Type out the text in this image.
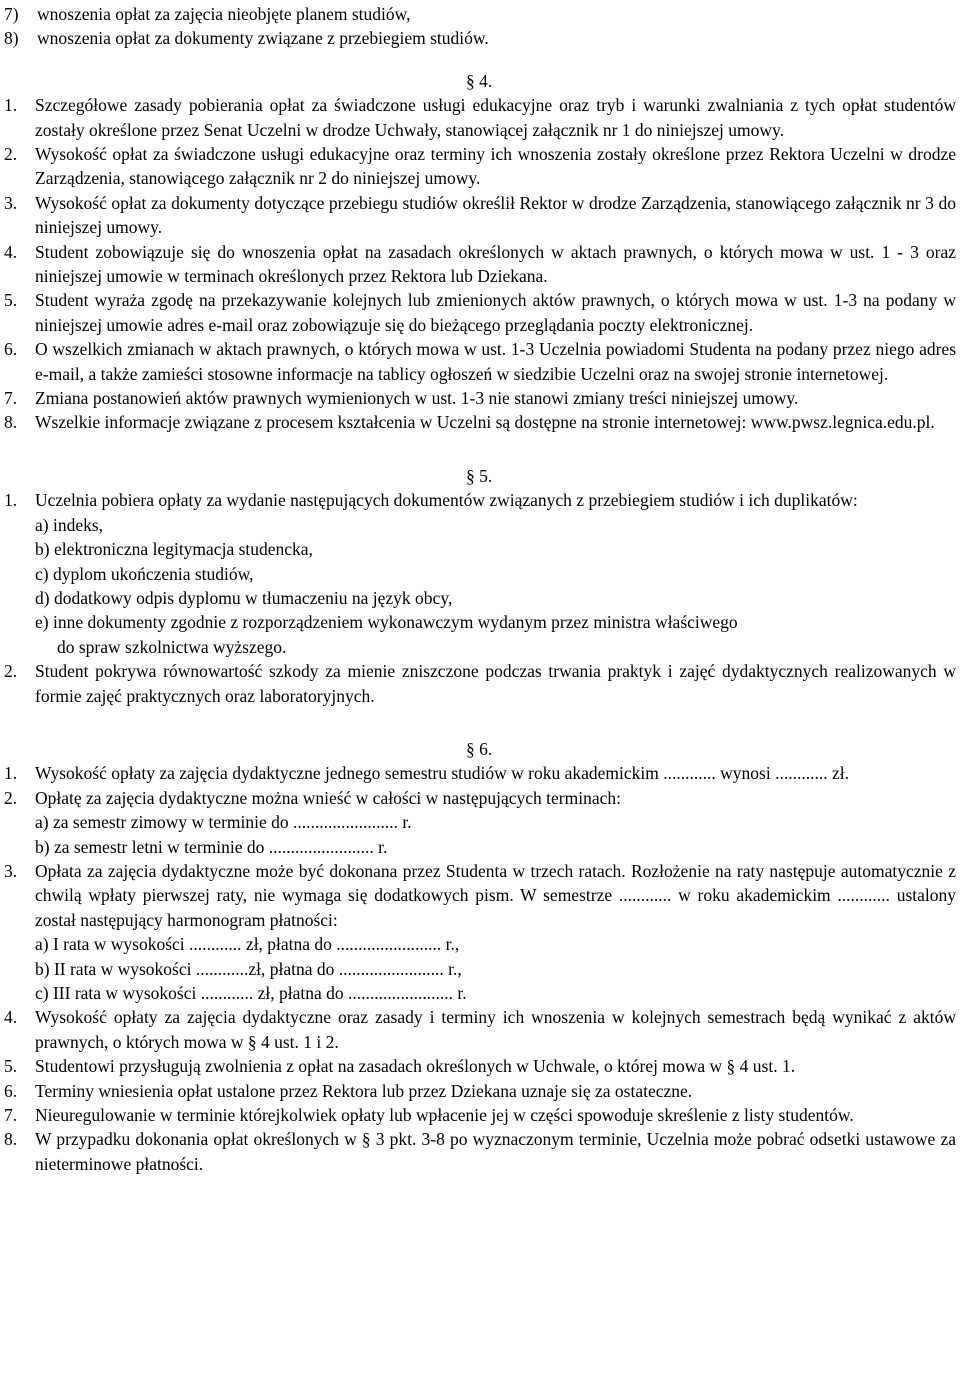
7) wnoszenia opłat za zajęcia nieobjęte planem studiów,
8) wnoszenia opłat za dokumenty związane z przebiegiem studiów.
§ 4.
1. Szczegółowe zasady pobierania opłat za świadczone usługi edukacyjne oraz tryb i warunki zwalniania z tych opłat studentów zostały określone przez Senat Uczelni w drodze Uchwały, stanowiącej załącznik nr 1 do niniejszej umowy.
2. Wysokość opłat za świadczone usługi edukacyjne oraz terminy ich wnoszenia zostały określone przez Rektora Uczelni w drodze Zarządzenia, stanowiącego załącznik nr 2 do niniejszej umowy.
3. Wysokość opłat za dokumenty dotyczące przebiegu studiów określił Rektor w drodze Zarządzenia, stanowiącego załącznik nr 3 do niniejszej umowy.
4. Student zobowiązuje się do wnoszenia opłat na zasadach określonych w aktach prawnych, o których mowa w ust. 1 - 3 oraz niniejszej umowie w terminach określonych przez Rektora lub Dziekana.
5. Student wyraża zgodę na przekazywanie kolejnych lub zmienionych aktów prawnych, o których mowa w ust. 1-3 na podany w niniejszej umowie adres e-mail oraz zobowiązuje się do bieżącego przeglądania poczty elektronicznej.
6. O wszelkich zmianach w aktach prawnych, o których mowa w ust. 1-3 Uczelnia powiadomi Studenta na podany przez niego adres e-mail, a także zamieści stosowne informacje na tablicy ogłoszeń w siedzibie Uczelni oraz na swojej stronie internetowej.
7. Zmiana postanowień aktów prawnych wymienionych w ust. 1-3 nie stanowi zmiany treści niniejszej umowy.
8. Wszelkie informacje związane z procesem kształcenia w Uczelni są dostępne na stronie internetowej: www.pwsz.legnica.edu.pl.
§ 5.
1. Uczelnia pobiera opłaty za wydanie następujących dokumentów związanych z przebiegiem studiów i ich duplikatów:
a) indeks,
b) elektroniczna legitymacja studencka,
c) dyplom ukończenia studiów,
d) dodatkowy odpis dyplomu w tłumaczeniu na język obcy,
e) inne dokumenty zgodnie z rozporządzeniem wykonawczym wydanym przez ministra właściwego
do spraw szkolnictwa wyższego.
2. Student pokrywa równowartość szkody za mienie zniszczone podczas trwania praktyk i zajęć dydaktycznych realizowanych w formie zajęć praktycznych oraz laboratoryjnych.
§ 6.
1. Wysokość opłaty za zajęcia dydaktyczne jednego semestru studiów w roku akademickim ............ wynosi ............ zł.
2. Opłatę za zajęcia dydaktyczne można wnieść w całości w następujących terminach:
a) za semestr zimowy w terminie do ........................ r.
b) za semestr letni w terminie do ........................ r.
3. Opłata za zajęcia dydaktyczne może być dokonana przez Studenta w trzech ratach. Rozłożenie na raty następuje automatycznie z chwilą wpłaty pierwszej raty, nie wymaga się dodatkowych pism. W semestrze ............ w roku akademickim ............ ustalony został następujący harmonogram płatności:
a) I rata w wysokości ............ zł, płatna do ........................ r.,
b) II rata w wysokości ............zł, płatna do ........................ r.,
c) III rata w wysokości ............ zł, płatna do ........................ r.
4. Wysokość opłaty za zajęcia dydaktyczne oraz zasady i terminy ich wnoszenia w kolejnych semestrach będą wynikać z aktów prawnych, o których mowa w § 4 ust. 1 i 2.
5. Studentowi przysługują zwolnienia z opłat na zasadach określonych w Uchwale, o której mowa w § 4 ust. 1.
6. Terminy wniesienia opłat ustalone przez Rektora lub przez Dziekana uznaje się za ostateczne.
7. Nieuregulowanie w terminie którejkolwiek opłaty lub wpłacenie jej w części spowoduje skreślenie z listy studentów.
8. W przypadku dokonania opłat określonych w § 3 pkt. 3-8 po wyznaczonym terminie, Uczelnia może pobrać odsetki ustawowe za nieterminowe płatności.
